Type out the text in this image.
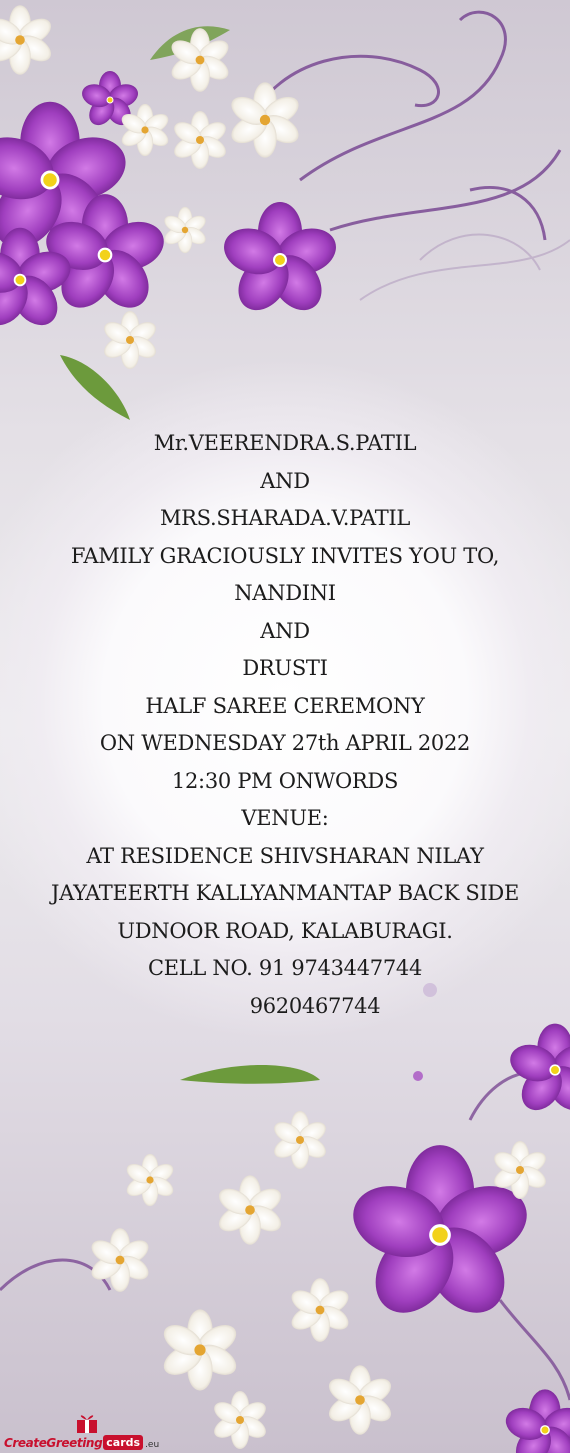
Mr.VEERENDRA.S.PATIL
AND
MRS.SHARADA.V.PATIL
FAMILY GRACIOUSLY INVITES YOU TO,
NANDINI
AND
DRUSTI
HALF SAREE CEREMONY
ON WEDNESDAY 27th APRIL 2022
12:30 PM ONWORDS
VENUE:
AT RESIDENCE SHIVSHARAN NILAY
JAYATEERTH KALLYANMANTAP BACK SIDE
UDNOOR ROAD, KALABURAGI.
CELL NO. 91 9743447744
9620467744
CreateGreeting cards .eu
